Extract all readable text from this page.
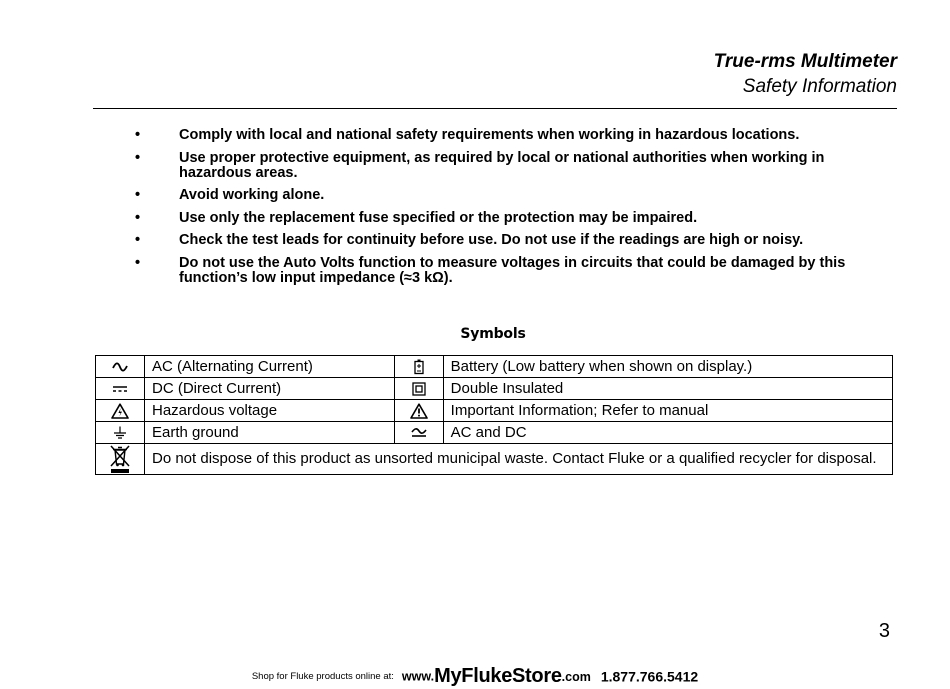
True-rms Multimeter
Safety Information
•	Comply with local and national safety requirements when working in hazardous locations.
•	Use proper protective equipment, as required by local or national authorities when working in hazardous areas.
•	Avoid working alone.
•	Use only the replacement fuse specified or the protection may be impaired.
•	Check the test leads for continuity before use. Do not use if the readings are high or noisy.
•	Do not use the Auto Volts function to measure voltages in circuits that could be damaged by this function’s low input impedance (≈3 kΩ).
Symbols
	AC (Alternating Current)		Battery (Low battery when shown on display.)

	DC (Direct Current)		Double Insulated

	Hazardous voltage		Important Information; Refer to manual

	Earth ground		AC and DC

	Do not dispose of this product as unsorted municipal waste. Contact Fluke or a qualified recycler for disposal.		
3
Shop for Fluke products online at: www.MyFlukeStore.com 1.877.766.5412
